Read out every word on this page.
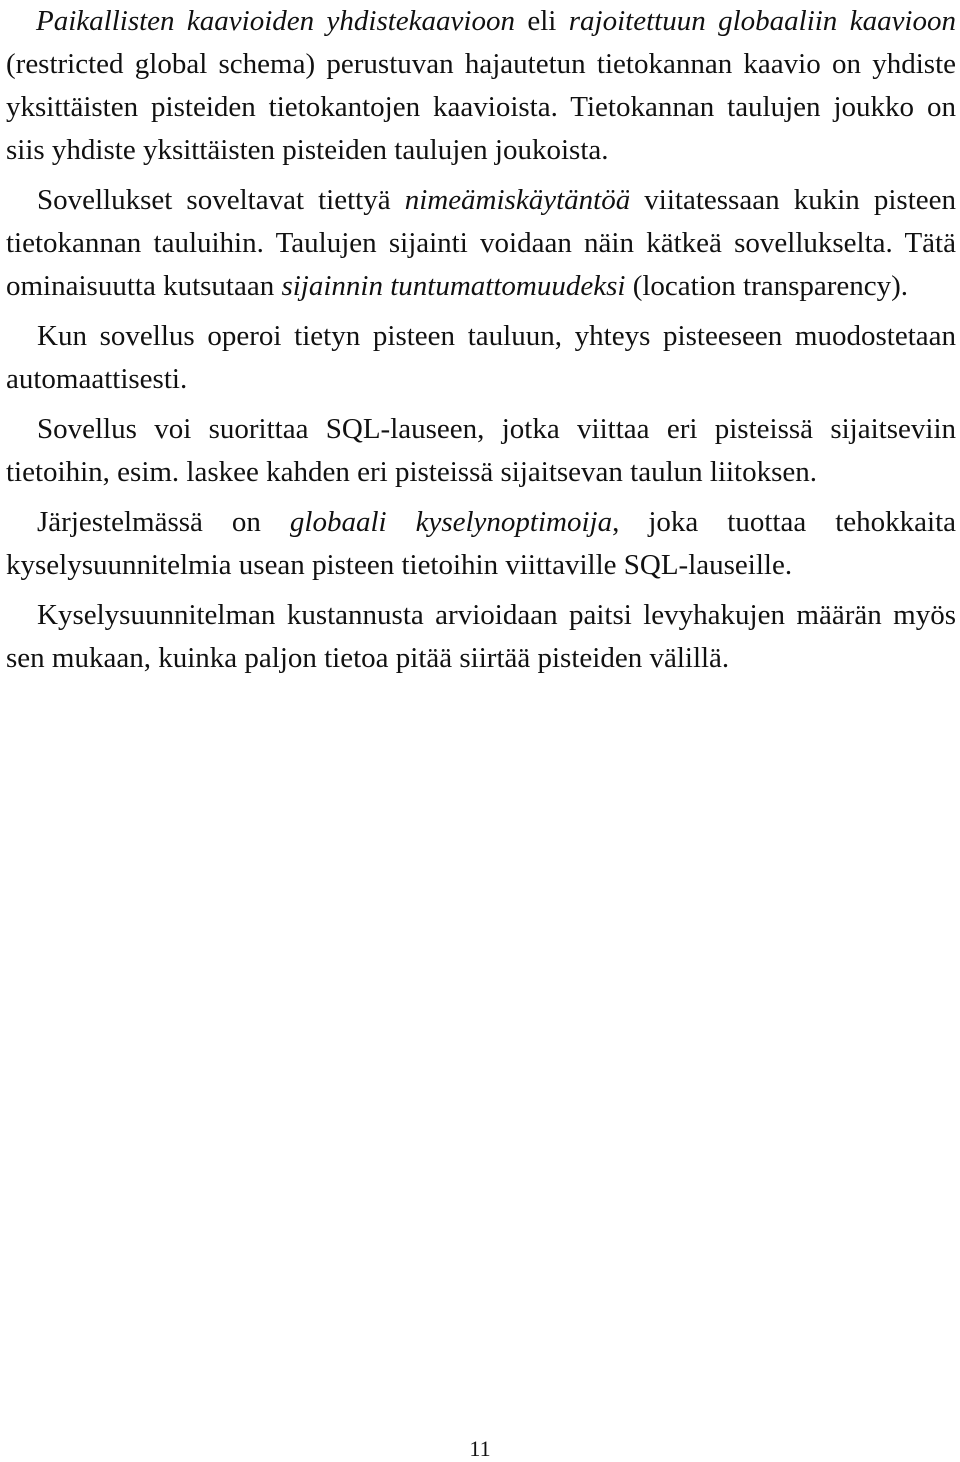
Paikallisten kaavioiden yhdistekaavioon eli rajoitettuun globaaliin kaavioon (restricted global schema) perustuvan hajautetun tietokannan kaavio on yhdiste yksittäisten pisteiden tietokantojen kaavioista. Tietokannan taulujen joukko on siis yhdiste yksittäisten pisteiden taulujen joukoista.

Sovellukset soveltavat tiettyä nimeämiskäytäntöä viitatessaan kukin pisteen tietokannan tauluihin. Taulujen sijainti voidaan näin kätkeä sovellukselta. Tätä ominaisuutta kutsutaan sijainnin tuntumattomuudeksi (location transparency).

Kun sovellus operoi tietyn pisteen tauluun, yhteys pisteeseen muodostetaan automaattisesti.

Sovellus voi suorittaa SQL-lauseen, jotka viittaa eri pisteissä sijaitseviin tietoihin, esim. laskee kahden eri pisteissä sijaitsevan taulun liitoksen.

Järjestelmässä on globaali kyselynoptimoija, joka tuottaa tehokkaita kyselysuunnitelmia usean pisteen tietoihin viittaville SQL-lauseille.

Kyselysuunnitelman kustannusta arvioidaan paitsi levyhakujen määrän myös sen mukaan, kuinka paljon tietoa pitää siirtää pisteiden välillä.

11
